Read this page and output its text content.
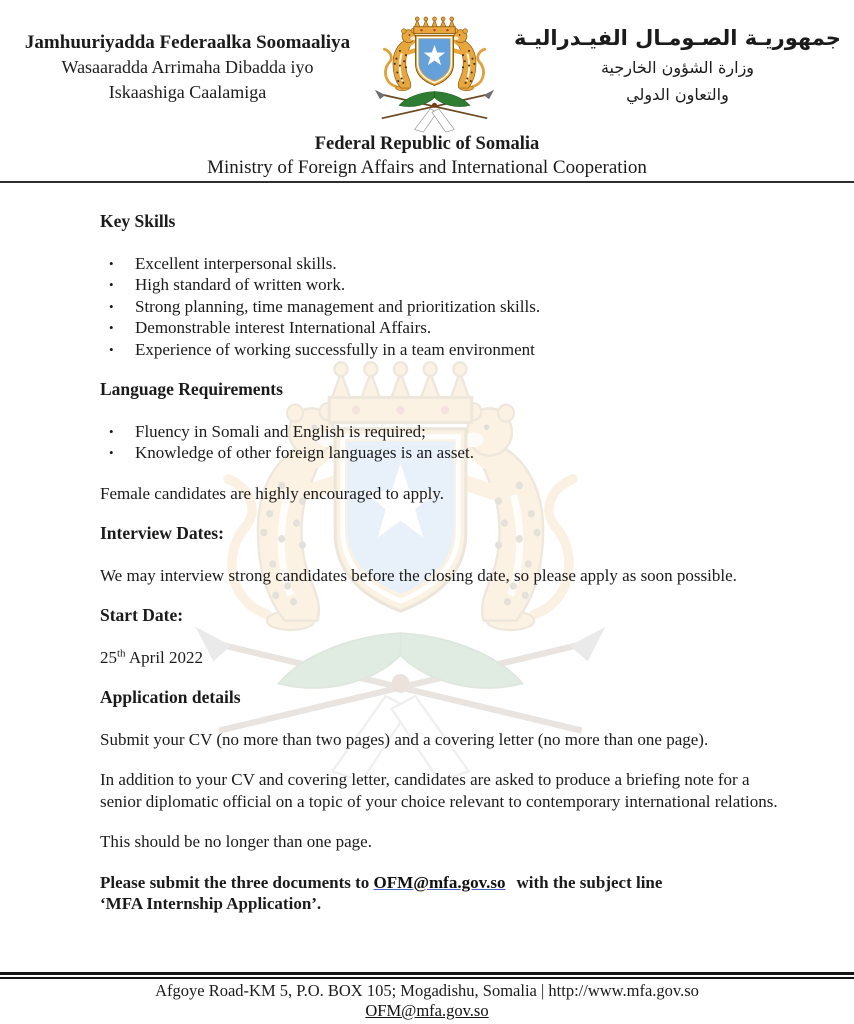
Jamhuuriyadda Federaalka Soomaaliya
Wasaaradda Arrimaha Dibadda iyo
Iskaashiga Caalamiga
جمهوريـة الصـومـال الفيـدراليـة
وزارة الشؤون الخارجية
والتعاون الدولي
Federal Republic of Somalia
Ministry of Foreign Affairs and International Cooperation
Key Skills
•	Excellent interpersonal skills.
•	High standard of written work.
•	Strong planning, time management and prioritization skills.
•	Demonstrable interest International Affairs.
•	Experience of working successfully in a team environment
Language Requirements
•	Fluency in Somali and English is required;
•	Knowledge of other foreign languages is an asset.

Female candidates are highly encouraged to apply.

Interview Dates:

We may interview strong candidates before the closing date, so please apply as soon possible.

Start Date:

25th April 2022

Application details

Submit your CV (no more than two pages) and a covering letter (no more than one page).

In addition to your CV and covering letter, candidates are asked to produce a briefing note for a senior diplomatic official on a topic of your choice relevant to contemporary international relations.

This should be no longer than one page.

Please submit the three documents to OFM@mfa.gov.so with the subject line
‘MFA Internship Application’.

Afgoye Road-KM 5, P.O. BOX 105; Mogadishu, Somalia | http://www.mfa.gov.so
OFM@mfa.gov.so
